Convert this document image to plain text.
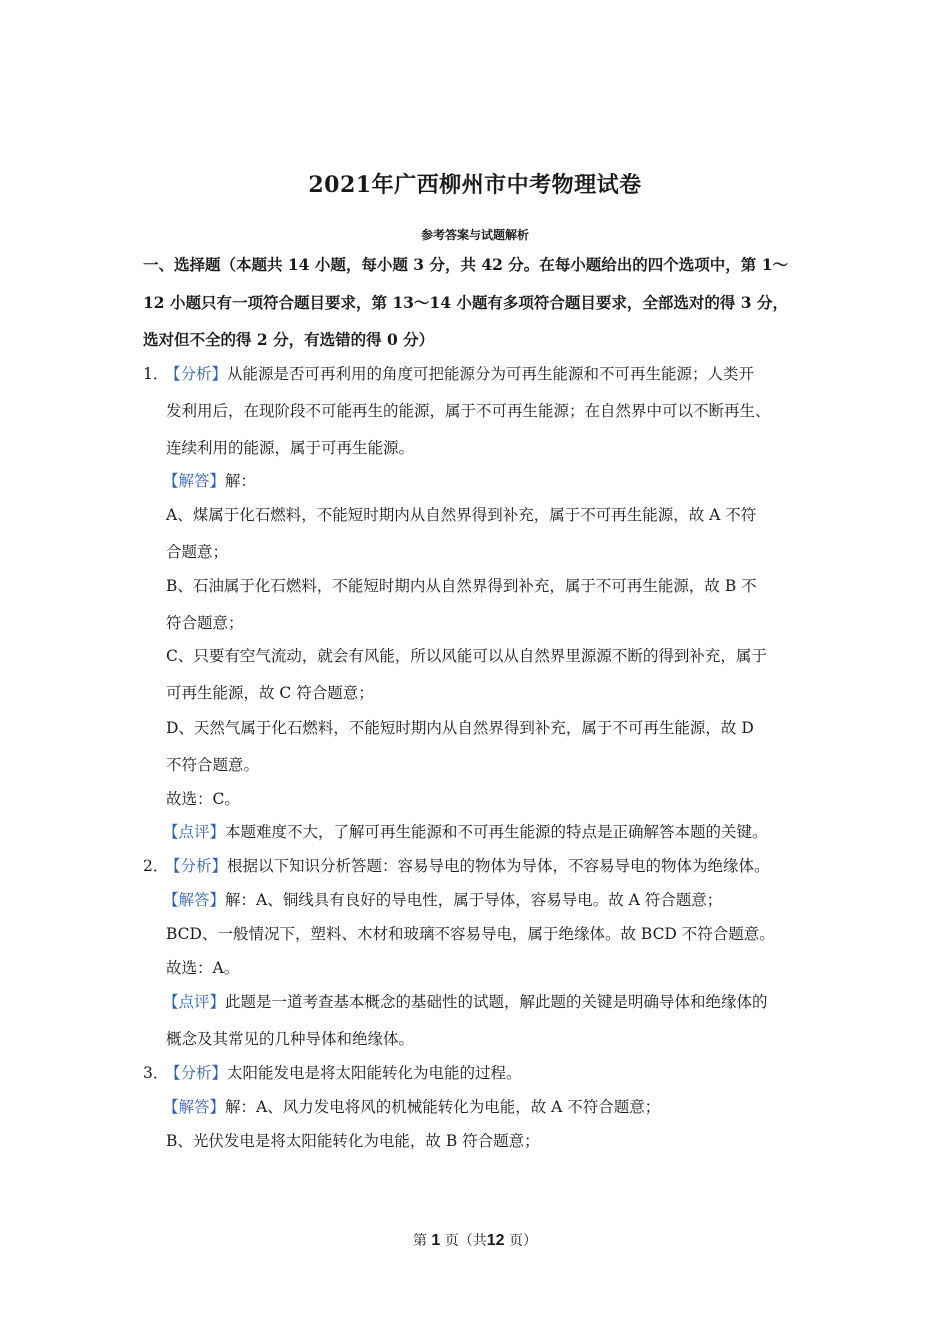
2021年广西柳州市中考物理试卷
参考答案与试题解析
一、选择题（本题共 14 小题，每小题 3 分，共 42 分。在每小题给出的四个选项中，第 1～
12 小题只有一项符合题目要求，第 13～14 小题有多项符合题目要求，全部选对的得 3 分，
选对但不全的得 2 分，有选错的得 0 分）
1．【分析】从能源是否可再利用的角度可把能源分为可再生能源和不可再生能源；人类开
发利用后，在现阶段不可能再生的能源，属于不可再生能源；在自然界中可以不断再生、
连续利用的能源，属于可再生能源。
【解答】解：
A、煤属于化石燃料，不能短时期内从自然界得到补充，属于不可再生能源，故 A 不符
合题意；
B、石油属于化石燃料，不能短时期内从自然界得到补充，属于不可再生能源，故 B 不
符合题意；
C、只要有空气流动，就会有风能，所以风能可以从自然界里源源不断的得到补充，属于
可再生能源，故 C 符合题意；
D、天然气属于化石燃料，不能短时期内从自然界得到补充，属于不可再生能源，故 D
不符合题意。
故选：C。
【点评】本题难度不大，了解可再生能源和不可再生能源的特点是正确解答本题的关键。
2．【分析】根据以下知识分析答题：容易导电的物体为导体，不容易导电的物体为绝缘体。
【解答】解：A、铜线具有良好的导电性，属于导体，容易导电。故 A 符合题意；
BCD、一般情况下，塑料、木材和玻璃不容易导电，属于绝缘体。故 BCD 不符合题意。
故选：A。
【点评】此题是一道考查基本概念的基础性的试题，解此题的关键是明确导体和绝缘体的
概念及其常见的几种导体和绝缘体。
3．【分析】太阳能发电是将太阳能转化为电能的过程。
【解答】解：A、风力发电将风的机械能转化为电能，故 A 不符合题意；
B、光伏发电是将太阳能转化为电能，故 B 符合题意；
第 1 页（共12 页）
